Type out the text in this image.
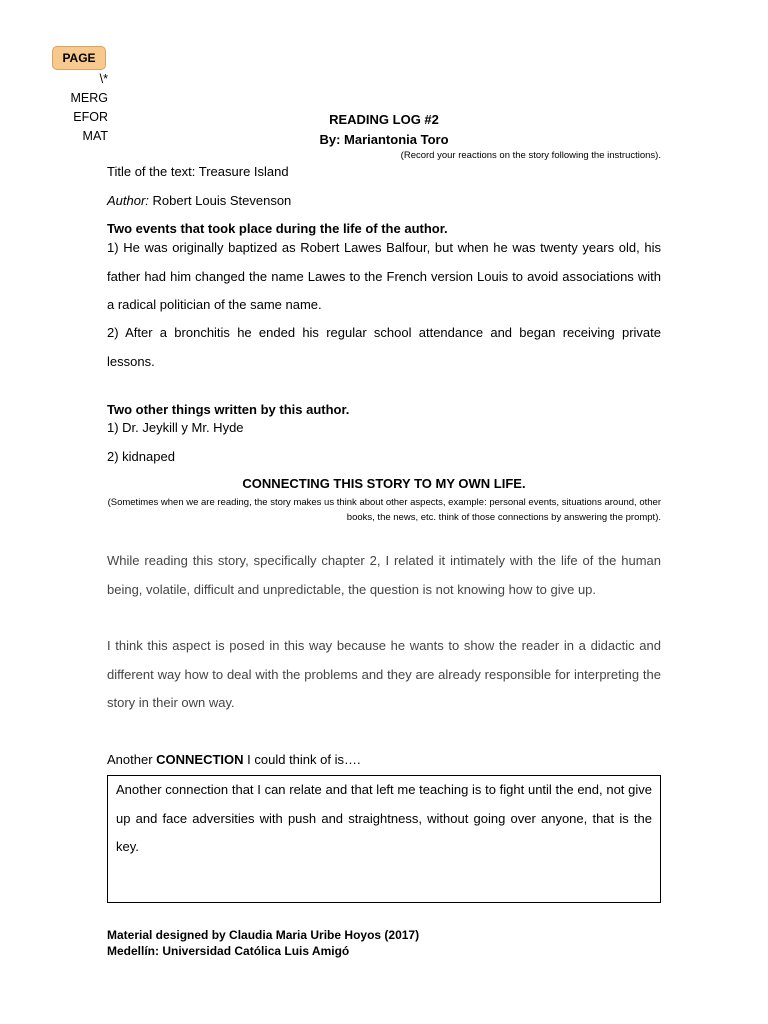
PAGE
\*
MERG
EFOR
MAT
READING LOG #2
By: Mariantonia Toro
(Record your reactions on the story following the instructions).
Title of the text: Treasure Island
Author: Robert Louis Stevenson
Two events that took place during the life of the author.
1) He was originally baptized as Robert Lawes Balfour, but when he was twenty years old, his father had him changed the name Lawes to the French version Louis to avoid associations with a radical politician of the same name.
2) After a bronchitis he ended his regular school attendance and began receiving private lessons.
Two other things written by this author.
1) Dr. Jeykill y Mr. Hyde
2) kidnaped
CONNECTING THIS STORY TO MY OWN LIFE.
(Sometimes when we are reading, the story makes us think about other aspects, example: personal events, situations around, other books, the news, etc. think of those connections by answering the prompt).
While reading this story, specifically chapter 2, I related it intimately with the life of the human being, volatile, difficult and unpredictable, the question is not knowing how to give up.
I think this aspect is posed in this way because he wants to show the reader in a didactic and different way how to deal with the problems and they are already responsible for interpreting the story in their own way.
Another CONNECTION I could think of is….

Another connection that I can relate and that left me teaching is to fight until the end, not give up and face adversities with push and straightness, without going over anyone, that is the key.

Material designed by Claudia Maria Uribe Hoyos (2017)
Medellín: Universidad Católica Luis Amigó
